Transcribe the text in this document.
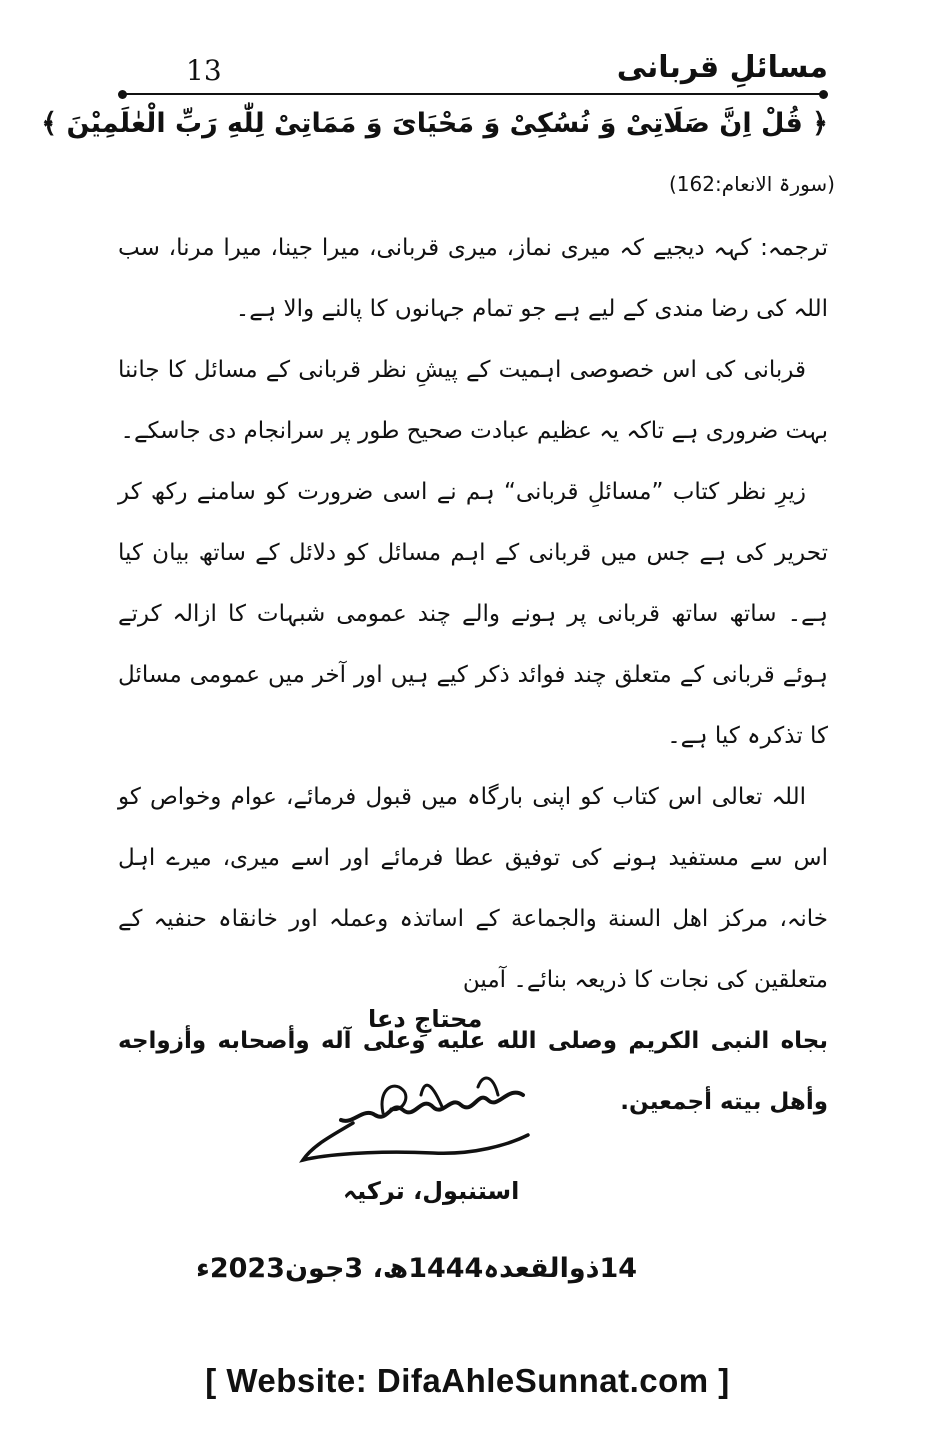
مسائلِ قربانی
13
﴿ قُلْ اِنَّ صَلَاتِیْ وَ نُسُکِیْ وَ مَحْیَایَ وَ مَمَاتِیْ لِلّٰهِ رَبِّ الْعٰلَمِیْنَ ﴾
(سورۃ الانعام:162)

ترجمہ: کہہ دیجیے کہ میری نماز، میری قربانی، میرا جینا، میرا مرنا، سب اللہ کی رضا مندی کے لیے ہے جو تمام جہانوں کا پالنے والا ہے۔

قربانی کی اس خصوصی اہمیت کے پیشِ نظر قربانی کے مسائل کا جاننا بہت ضروری ہے تاکہ یہ عظیم عبادت صحیح طور پر سرانجام دی جاسکے۔

زیرِ نظر کتاب ”مسائلِ قربانی“ ہم نے اسی ضرورت کو سامنے رکھ کر تحریر کی ہے جس میں قربانی کے اہم مسائل کو دلائل کے ساتھ بیان کیا ہے۔ ساتھ ساتھ قربانی پر ہونے والے چند عمومی شبہات کا ازالہ کرتے ہوئے قربانی کے متعلق چند فوائد ذکر کیے ہیں اور آخر میں عمومی مسائل کا تذکرہ کیا ہے۔

اللہ تعالی اس کتاب کو اپنی بارگاہ میں قبول فرمائے، عوام وخواص کو اس سے مستفید ہونے کی توفیق عطا فرمائے اور اسے میری، میرے اہل خانہ، مرکز اهل السنة والجماعة کے اساتذہ وعملہ اور خانقاہ حنفیہ کے متعلقین کی نجات کا ذریعہ بنائے۔ آمین

بجاه النبی الکریم وصلى الله علیه وعلى آله وأصحابه وأزواجه وأهل بیته أجمعین.

محتاجِ دعا
استنبول، ترکیہ
14ذوالقعدہ1444ھ، 3جون2023ء
[ Website: DifaAhleSunnat.com ]
